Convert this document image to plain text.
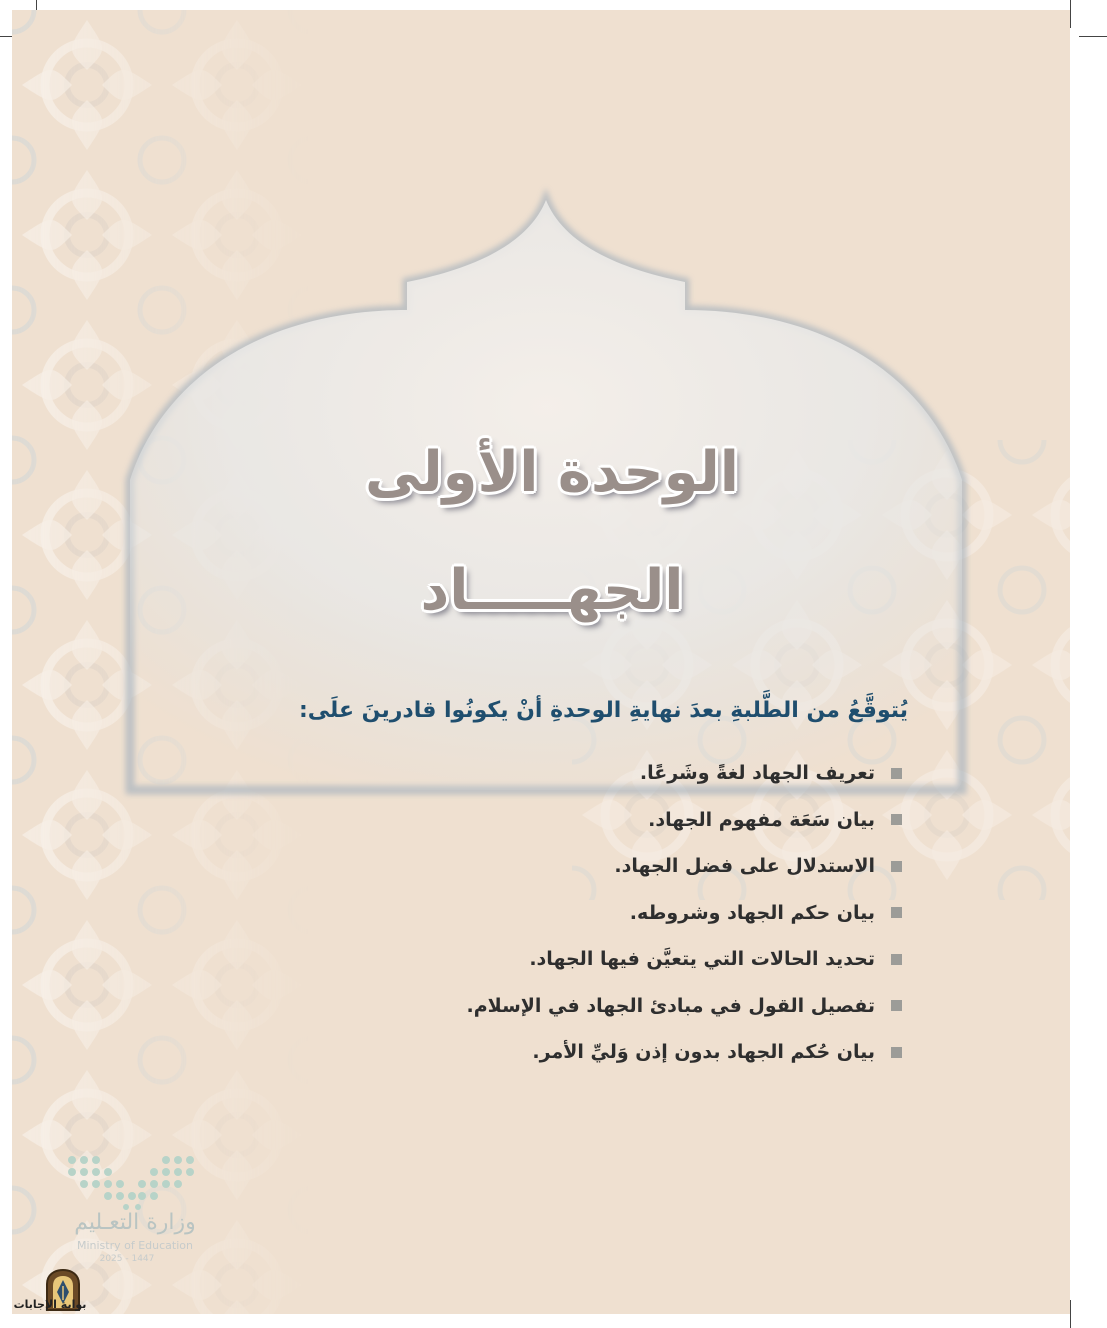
الوحدة الأولى
الجهـــــاد
يُتوقَّعُ من الطَّلبةِ بعدَ نهايةِ الوحدةِ أنْ يكونُوا قادرينَ علَى:
تعريف الجهاد لغةً وشَرعًا.
بيان سَعَة مفهوم الجهاد.
الاستدلال على فضل الجهاد.
بيان حكم الجهاد وشروطه.
تحديد الحالات التي يتعيَّن فيها الجهاد.
تفصيل القول في مبادئ الجهاد في الإسلام.
بيان حُكم الجهاد بدون إذن وَليِّ الأمر.
وزارة التعـليم
Ministry of Education
2025 - 1447
بوابة الإجابات
